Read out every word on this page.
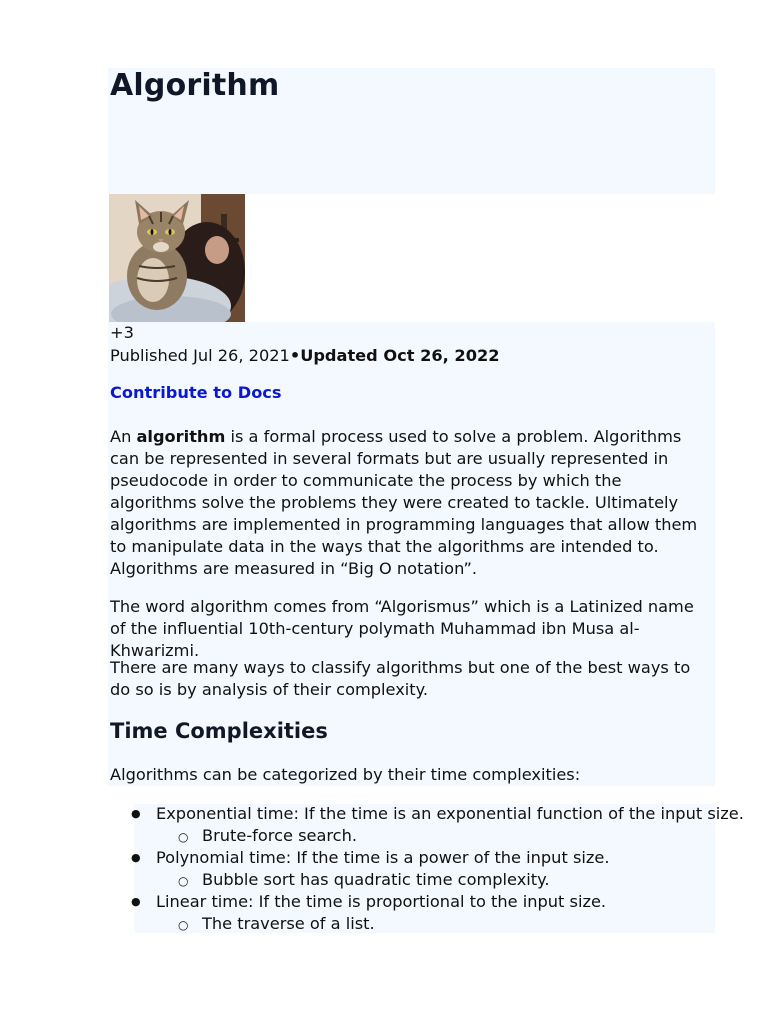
Algorithm
+3
Published Jul 26, 2021•Updated Oct 26, 2022
Contribute to Docs

An algorithm is a formal process used to solve a problem. Algorithms can be represented in several formats but are usually represented in pseudocode in order to communicate the process by which the algorithms solve the problems they were created to tackle. Ultimately algorithms are implemented in programming languages that allow them to manipulate data in the ways that the algorithms are intended to. Algorithms are measured in “Big O notation”.

The word algorithm comes from “Algorismus” which is a Latinized name of the influential 10th-century polymath Muhammad ibn Musa al-Khwarizmi.

There are many ways to classify algorithms but one of the best ways to do so is by analysis of their complexity.

Time Complexities

Algorithms can be categorized by their time complexities:

● Exponential time: If the time is an exponential function of the input size.
○ Brute-force search.
● Polynomial time: If the time is a power of the input size.
○ Bubble sort has quadratic time complexity.
● Linear time: If the time is proportional to the input size.
○ The traverse of a list.
